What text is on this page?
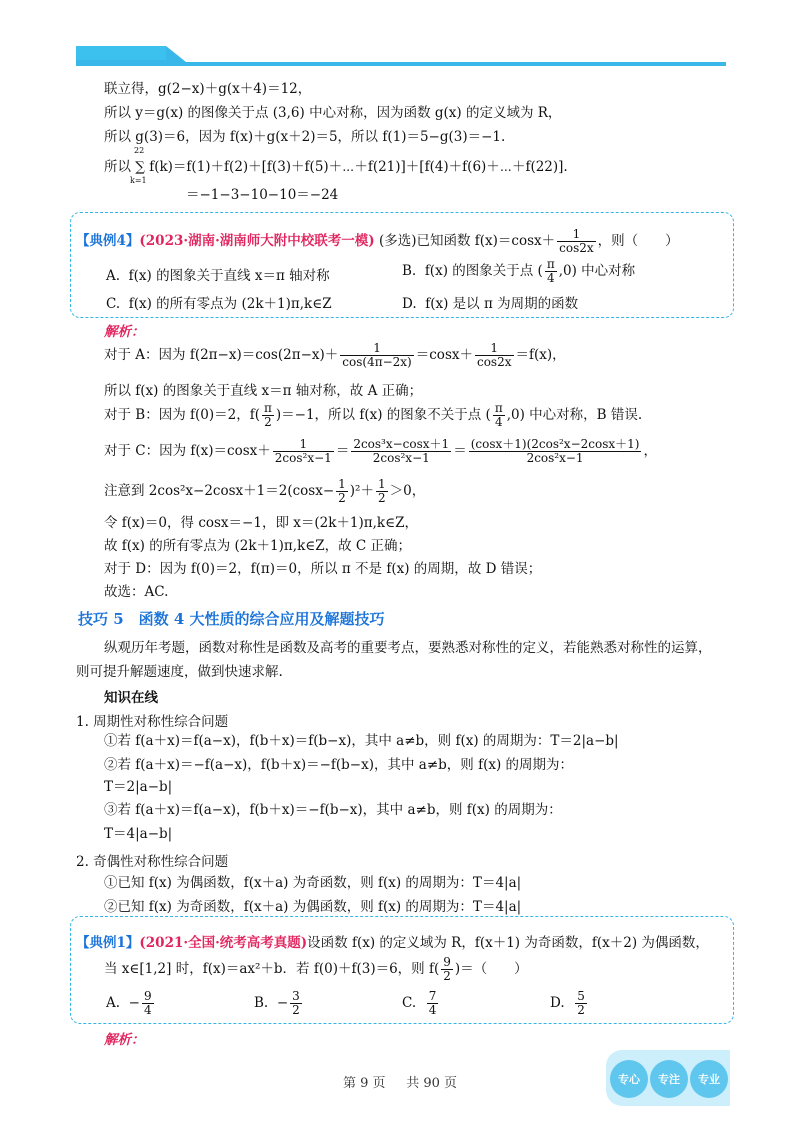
联立得，g(2−x)＋g(x＋4)＝12，
所以 y＝g(x) 的图像关于点 (3,6) 中心对称，因为函数 g(x) 的定义域为 R，
所以 g(3)＝6，因为 f(x)＋g(x＋2)＝5，所以 f(1)＝5−g(3)＝−1.
22
k=1
所以 ∑ f(k)＝f(1)＋f(2)＋[f(3)＋f(5)＋⋯＋f(21)]＋[f(4)＋f(6)＋⋯＋f(22)].
＝−1−3−10−10＝−24
【典例4】(2023·湖南·湖南师大附中校联考一模) (多选)已知函数 $f(x)=\cos x+ \frac{1}{\cos 2x}$ ，则（　　）
A. f(x) 的图象关于直线 x＝π 轴对称	B. f(x) 的图象关于点 ( $\frac{\pi}{4} ,0$) 中心对称
C. f(x) 的所有零点为 (2k＋1)π,k∈Z	D. f(x) 是以 π 为周期的函数
解析：
对于 A：因为 $f(2\pi-x)=\cos(2\pi-x)+ \frac{1}{\cos(4\pi-2x)} =\cos x+ \frac{1}{\cos 2x} =f(x)$，
所以 f(x) 的图象关于直线 x＝π 轴对称，故 A 正确；
对于 B：因为 f(0)＝2，$f( \frac{\pi}{2} )=-1$，所以 f(x) 的图象不关于点 ( $\frac{\pi}{4} ,0$) 中心对称，B 错误.
对于 C：因为 $f(x)=\cos x+ \frac{1}{\text{2cos²x−1}} = \frac{\text{2cos³x−cosx＋1}}{\text{2cos²x−1}} = \frac{\text{(cosx＋1)(2cos²x−2cosx＋1)}}{\text{2cos²x−1}}$ ，
注意到 $2\cos^2x-2\cos x+1=2(\cos x- \frac{1}{2} )^2+ \frac{1}{2} >0$，
令 f(x)＝0，得 cosx＝−1，即 x＝(2k＋1)π,k∈Z，
故 f(x) 的所有零点为 (2k＋1)π,k∈Z，故 C 正确；
对于 D：因为 f(0)＝2，f(π)＝0，所以 π 不是 f(x) 的周期，故 D 错误；
故选：AC.
技巧 5　函数 4 大性质的综合应用及解题技巧
纵观历年考题，函数对称性是函数及高考的重要考点，要熟悉对称性的定义，若能熟悉对称性的运算，
则可提升解题速度，做到快速求解.
知识在线
1. 周期性对称性综合问题
①若 f(a＋x)＝f(a−x)，f(b＋x)＝f(b−x)，其中 a≠b，则 f(x) 的周期为：T＝2|a−b|
②若 f(a＋x)＝−f(a−x)，f(b＋x)＝−f(b−x)，其中 a≠b，则 f(x) 的周期为：
T＝2|a−b|
③若 f(a＋x)＝f(a−x)，f(b＋x)＝−f(b−x)，其中 a≠b，则 f(x) 的周期为：
T＝4|a−b|
2. 奇偶性对称性综合问题
①已知 f(x) 为偶函数，f(x＋a) 为奇函数，则 f(x) 的周期为：T＝4|a|
②已知 f(x) 为奇函数，f(x＋a) 为偶函数，则 f(x) 的周期为：T＝4|a|
【典例1】(2021·全国·统考高考真题)设函数 f(x) 的定义域为 R，f(x＋1) 为奇函数，f(x＋2) 为偶函数，
当 x∈[1,2] 时，f(x)＝ax²＋b．若 f(0)＋f(3)＝6，则 $f( \frac{9}{2}$ )＝（　　）
A. − $\frac{9}{4}$	B. − $\frac{3}{2}$	C. $\frac{7}{4}$	D. $\frac{5}{2}$
解析：
第 9 页 共 90 页	专心	专注	专业
